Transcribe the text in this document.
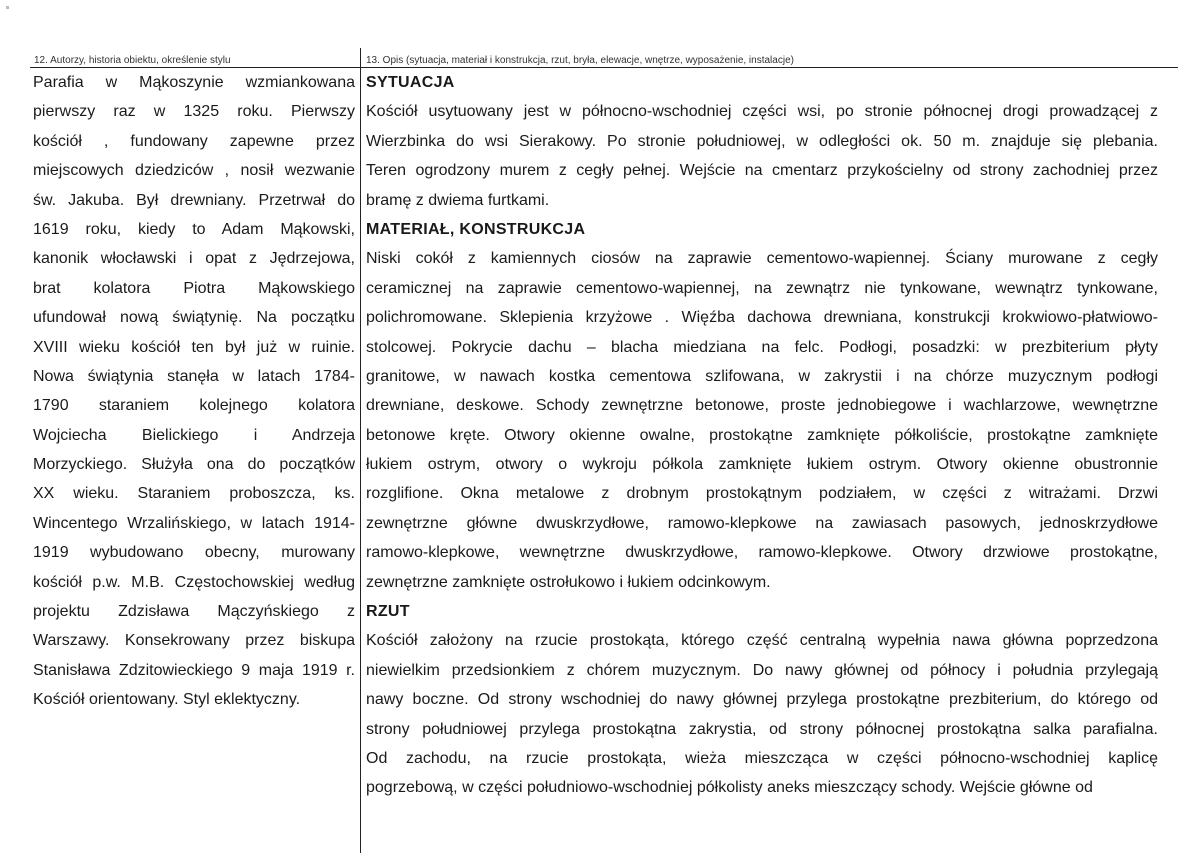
12. Autorzy, historia obiektu, określenie stylu	13. Opis (sytuacja, materiał i konstrukcja, rzut, bryła, elewacje, wnętrze, wyposażenie, instalacje)
Parafia w Mąkoszynie wzmiankowana
pierwszy raz w 1325 roku. Pierwszy
kościół , fundowany zapewne przez
miejscowych dziedziców , nosił wezwanie
św. Jakuba. Był drewniany. Przetrwał do
1619 roku, kiedy to Adam Mąkowski,
kanonik włocławski i opat z Jędrzejowa,
brat kolatora Piotra Mąkowskiego
ufundował nową świątynię. Na początku
XVIII wieku kościół ten był już w ruinie.
Nowa świątynia stanęła w latach 1784-
1790 staraniem kolejnego kolatora
Wojciecha Bielickiego i Andrzeja
Morzyckiego. Służyła ona do początków
XX wieku. Staraniem proboszcza, ks.
Wincentego Wrzalińskiego, w latach 1914-
1919 wybudowano obecny, murowany
kościół p.w. M.B. Częstochowskiej według
projektu Zdzisława Mączyńskiego z
Warszawy. Konsekrowany przez biskupa
Stanisława Zdzitowieckiego 9 maja 1919 r.
Kościół orientowany. Styl eklektyczny.
SYTUACJA
Kościół usytuowany jest w północno-wschodniej części wsi, po stronie północnej drogi prowadzącej z
Wierzbinka do wsi Sierakowy. Po stronie południowej, w odległości ok. 50 m. znajduje się plebania.
Teren ogrodzony murem z cegły pełnej. Wejście na cmentarz przykościelny od strony zachodniej przez
bramę z dwiema furtkami.
MATERIAŁ, KONSTRUKCJA
Niski cokół z kamiennych ciosów na zaprawie cementowo-wapiennej. Ściany murowane z cegły
ceramicznej na zaprawie cementowo-wapiennej, na zewnątrz nie tynkowane, wewnątrz tynkowane,
polichromowane. Sklepienia krzyżowe . Więźba dachowa drewniana, konstrukcji krokwiowo-płatwiowo-
stolcowej. Pokrycie dachu – blacha miedziana na felc. Podłogi, posadzki: w prezbiterium płyty
granitowe, w nawach kostka cementowa szlifowana, w zakrystii i na chórze muzycznym podłogi
drewniane, deskowe. Schody zewnętrzne betonowe, proste jednobiegowe i wachlarzowe, wewnętrzne
betonowe kręte. Otwory okienne owalne, prostokątne zamknięte półkoliście, prostokątne zamknięte
łukiem ostrym, otwory o wykroju półkola zamknięte łukiem ostrym. Otwory okienne obustronnie
rozglifione. Okna metalowe z drobnym prostokątnym podziałem, w części z witrażami. Drzwi
zewnętrzne główne dwuskrzydłowe, ramowo-klepkowe na zawiasach pasowych, jednoskrzydłowe
ramowo-klepkowe, wewnętrzne dwuskrzydłowe, ramowo-klepkowe. Otwory drzwiowe prostokątne,
zewnętrzne zamknięte ostrołukowo i łukiem odcinkowym.
RZUT
Kościół założony na rzucie prostokąta, którego część centralną wypełnia nawa główna poprzedzona
niewielkim przedsionkiem z chórem muzycznym. Do nawy głównej od północy i południa przylegają
nawy boczne. Od strony wschodniej do nawy głównej przylega prostokątne prezbiterium, do którego od
strony południowej przylega prostokątna zakrystia, od strony północnej prostokątna salka parafialna.
Od zachodu, na rzucie prostokąta, wieża mieszcząca w części północno-wschodniej kaplicę
pogrzebową, w części południowo-wschodniej półkolisty aneks mieszczący schody. Wejście główne od
